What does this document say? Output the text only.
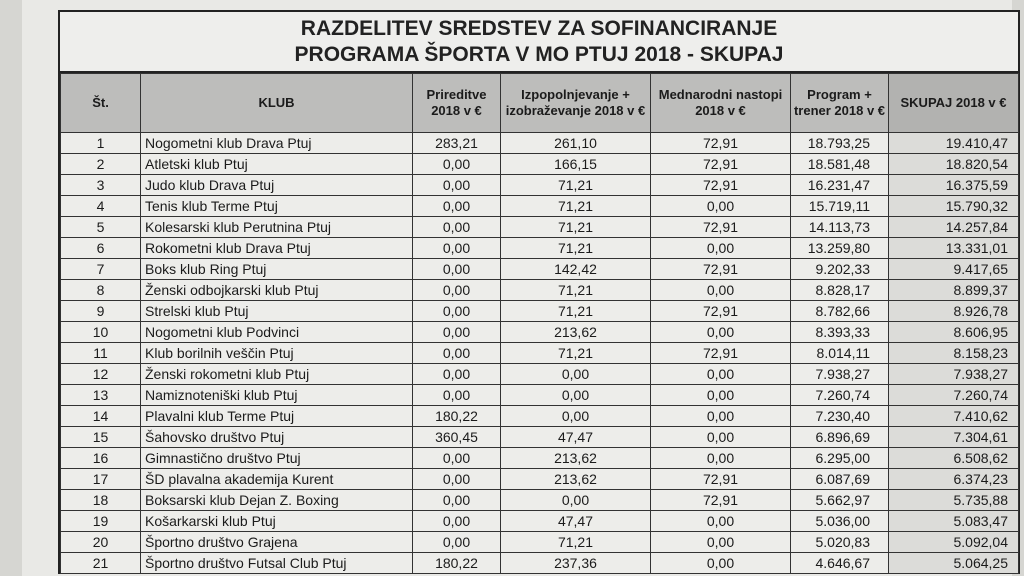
RAZDELITEV SREDSTEV ZA SOFINANCIRANJE
PROGRAMA ŠPORTA V MO PTUJ 2018 - SKUPAJ
Št.	KLUB	Prireditve 2018 v €	Izpopolnjevanje + izobraževanje 2018 v €	Mednarodni nastopi 2018 v €	Program + trener 2018 v €	SKUPAJ 2018 v €
1	Nogometni klub Drava Ptuj	283,21	261,10	72,91	18.793,25	19.410,47
2	Atletski klub Ptuj	0,00	166,15	72,91	18.581,48	18.820,54
3	Judo klub Drava Ptuj	0,00	71,21	72,91	16.231,47	16.375,59
4	Tenis klub Terme Ptuj	0,00	71,21	0,00	15.719,11	15.790,32
5	Kolesarski klub Perutnina Ptuj	0,00	71,21	72,91	14.113,73	14.257,84
6	Rokometni klub Drava Ptuj	0,00	71,21	0,00	13.259,80	13.331,01
7	Boks klub Ring Ptuj	0,00	142,42	72,91	9.202,33	9.417,65
8	Ženski odbojkarski klub Ptuj	0,00	71,21	0,00	8.828,17	8.899,37
9	Strelski klub Ptuj	0,00	71,21	72,91	8.782,66	8.926,78
10	Nogometni klub Podvinci	0,00	213,62	0,00	8.393,33	8.606,95
11	Klub borilnih veščin Ptuj	0,00	71,21	72,91	8.014,11	8.158,23
12	Ženski rokometni klub Ptuj	0,00	0,00	0,00	7.938,27	7.938,27
13	Namiznoteniški klub Ptuj	0,00	0,00	0,00	7.260,74	7.260,74
14	Plavalni klub Terme Ptuj	180,22	0,00	0,00	7.230,40	7.410,62
15	Šahovsko društvo Ptuj	360,45	47,47	0,00	6.896,69	7.304,61
16	Gimnastično društvo Ptuj	0,00	213,62	0,00	6.295,00	6.508,62
17	ŠD plavalna akademija Kurent	0,00	213,62	72,91	6.087,69	6.374,23
18	Boksarski klub Dejan Z. Boxing	0,00	0,00	72,91	5.662,97	5.735,88
19	Košarkarski klub Ptuj	0,00	47,47	0,00	5.036,00	5.083,47
20	Športno društvo Grajena	0,00	71,21	0,00	5.020,83	5.092,04
21	Športno društvo Futsal Club Ptuj	180,22	237,36	0,00	4.646,67	5.064,25
